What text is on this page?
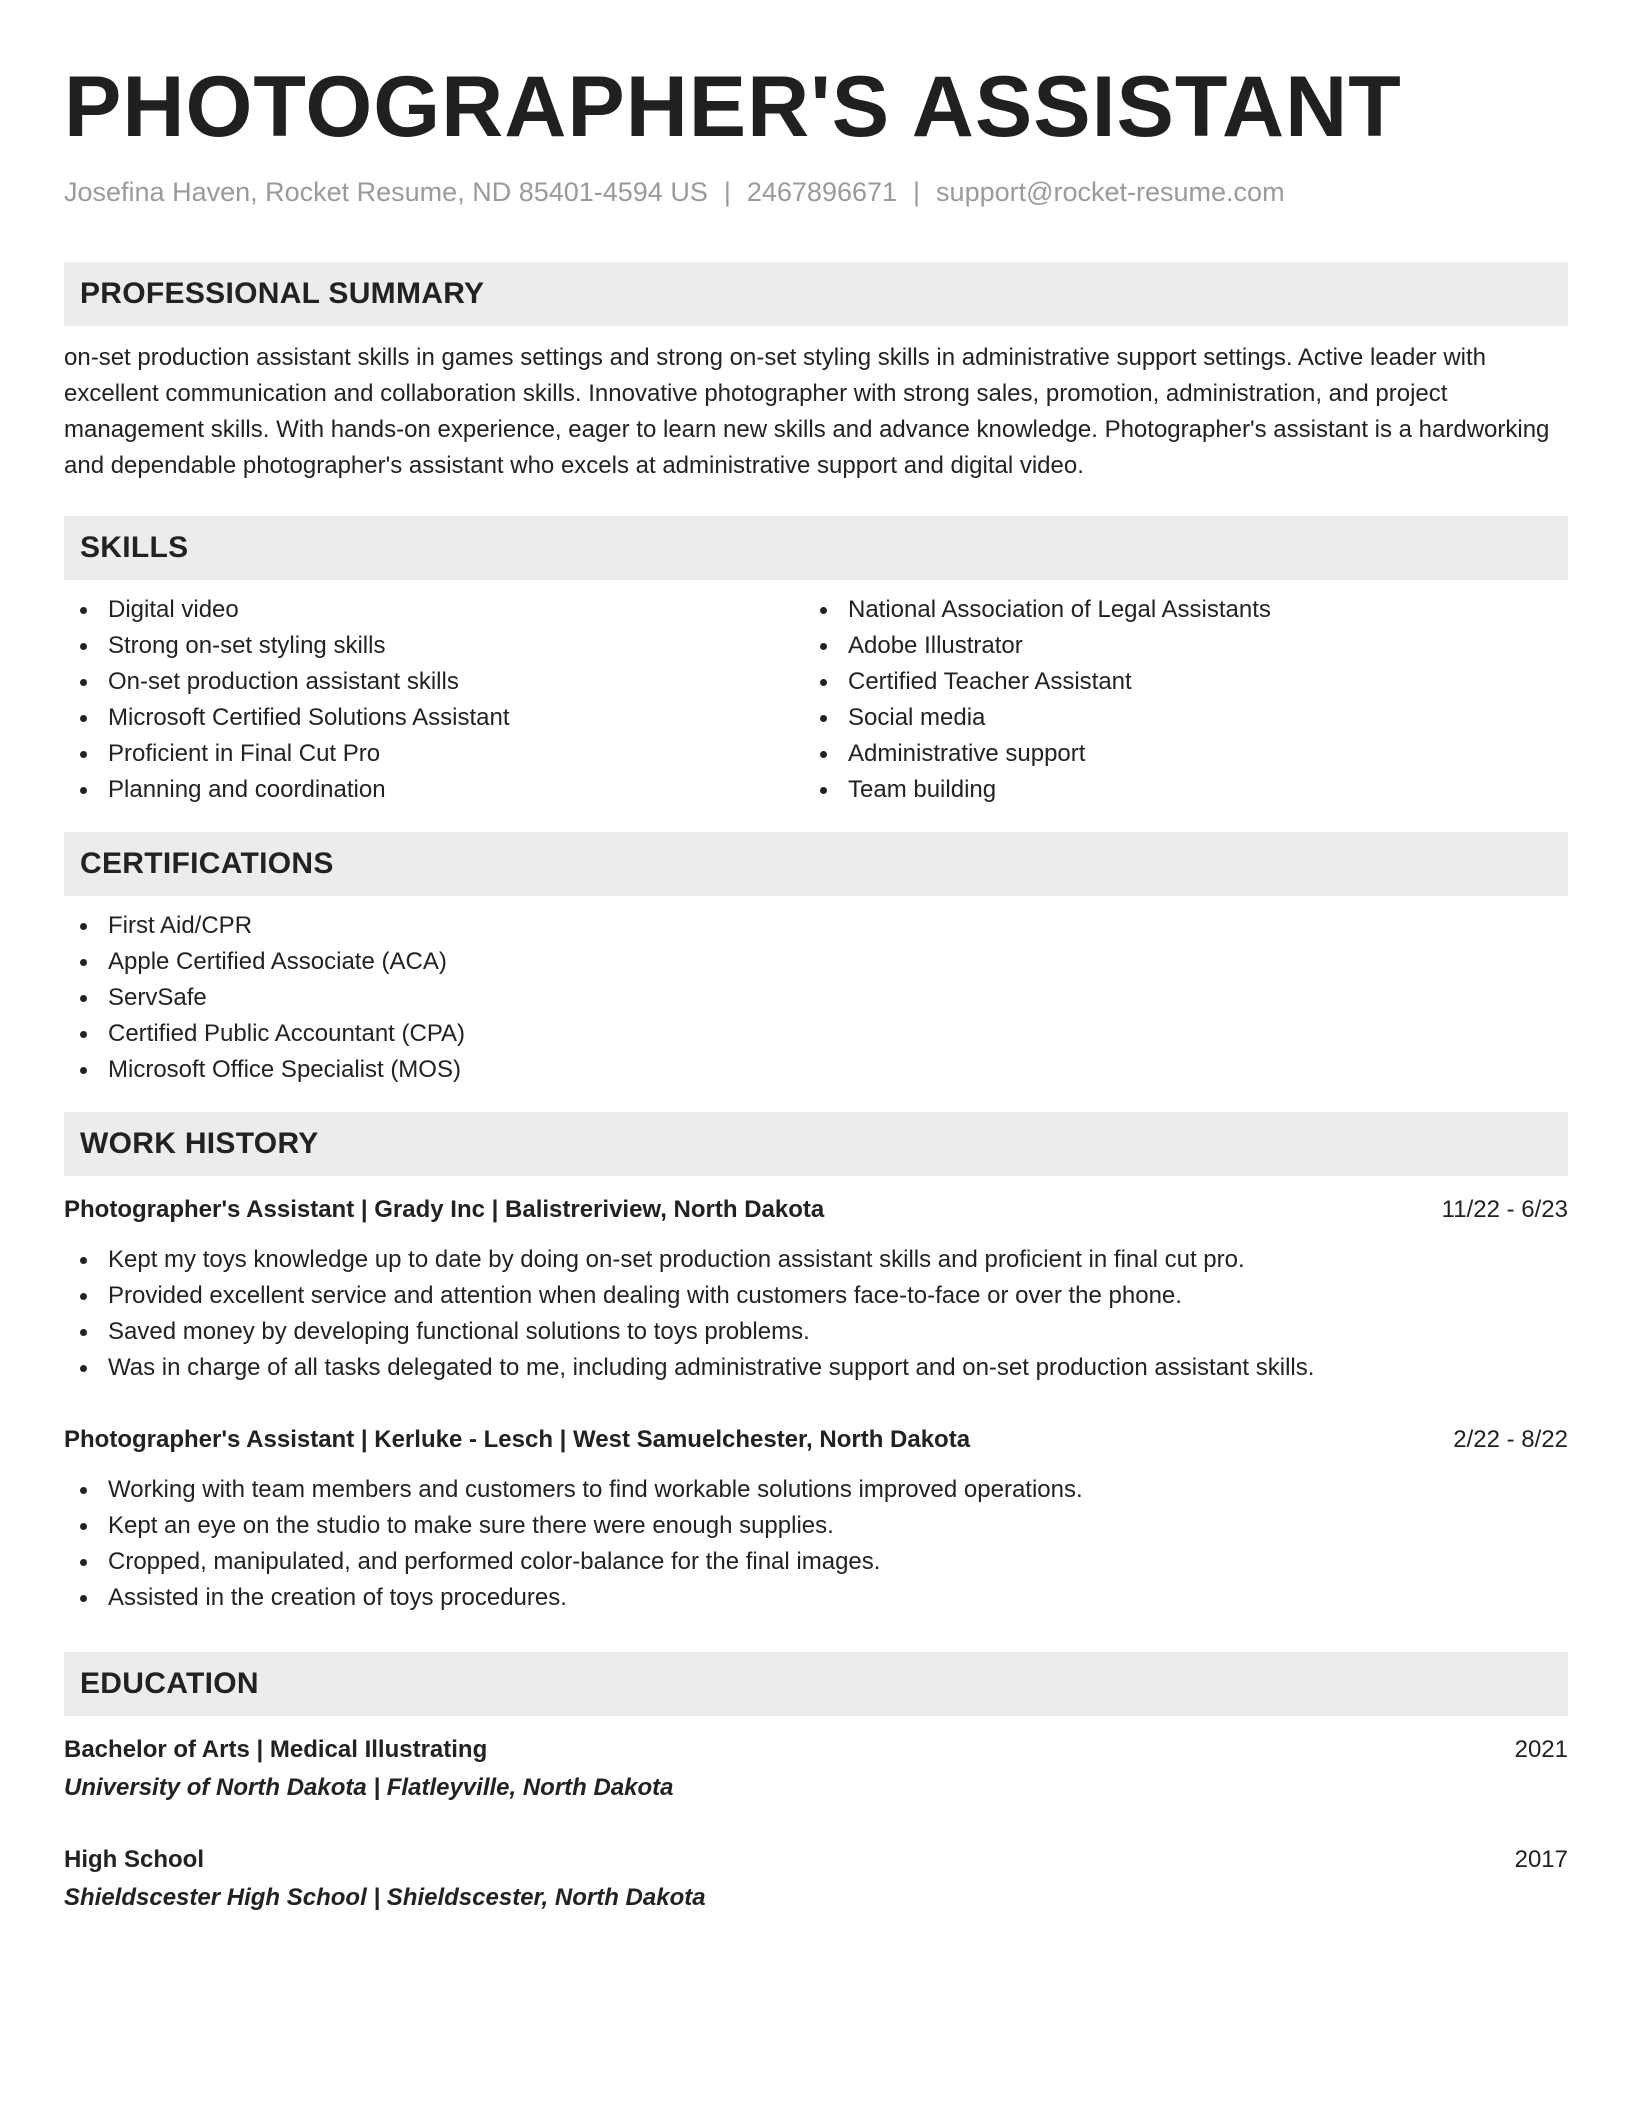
PHOTOGRAPHER'S ASSISTANT
Josefina Haven, Rocket Resume, ND 85401-4594 US | 2467896671 | support@rocket-resume.com
PROFESSIONAL SUMMARY

on-set production assistant skills in games settings and strong on-set styling skills in administrative support settings. Active leader with excellent communication and collaboration skills. Innovative photographer with strong sales, promotion, administration, and project management skills. With hands-on experience, eager to learn new skills and advance knowledge. Photographer's assistant is a hardworking and dependable photographer's assistant who excels at administrative support and digital video.

SKILLS
Digital video
Strong on-set styling skills
On-set production assistant skills
Microsoft Certified Solutions Assistant
Proficient in Final Cut Pro
Planning and coordination
National Association of Legal Assistants
Adobe Illustrator
Certified Teacher Assistant
Social media
Administrative support
Team building
CERTIFICATIONS
First Aid/CPR
Apple Certified Associate (ACA)
ServSafe
Certified Public Accountant (CPA)
Microsoft Office Specialist (MOS)
WORK HISTORY
Photographer's Assistant | Grady Inc | Balistreriview, North Dakota	11/22 - 6/23
Kept my toys knowledge up to date by doing on-set production assistant skills and proficient in final cut pro.
Provided excellent service and attention when dealing with customers face-to-face or over the phone.
Saved money by developing functional solutions to toys problems.
Was in charge of all tasks delegated to me, including administrative support and on-set production assistant skills.
Photographer's Assistant | Kerluke - Lesch | West Samuelchester, North Dakota	2/22 - 8/22
Working with team members and customers to find workable solutions improved operations.
Kept an eye on the studio to make sure there were enough supplies.
Cropped, manipulated, and performed color-balance for the final images.
Assisted in the creation of toys procedures.
EDUCATION
Bachelor of Arts | Medical Illustrating	2021
University of North Dakota | Flatleyville, North Dakota
High School	2017
Shieldscester High School | Shieldscester, North Dakota
